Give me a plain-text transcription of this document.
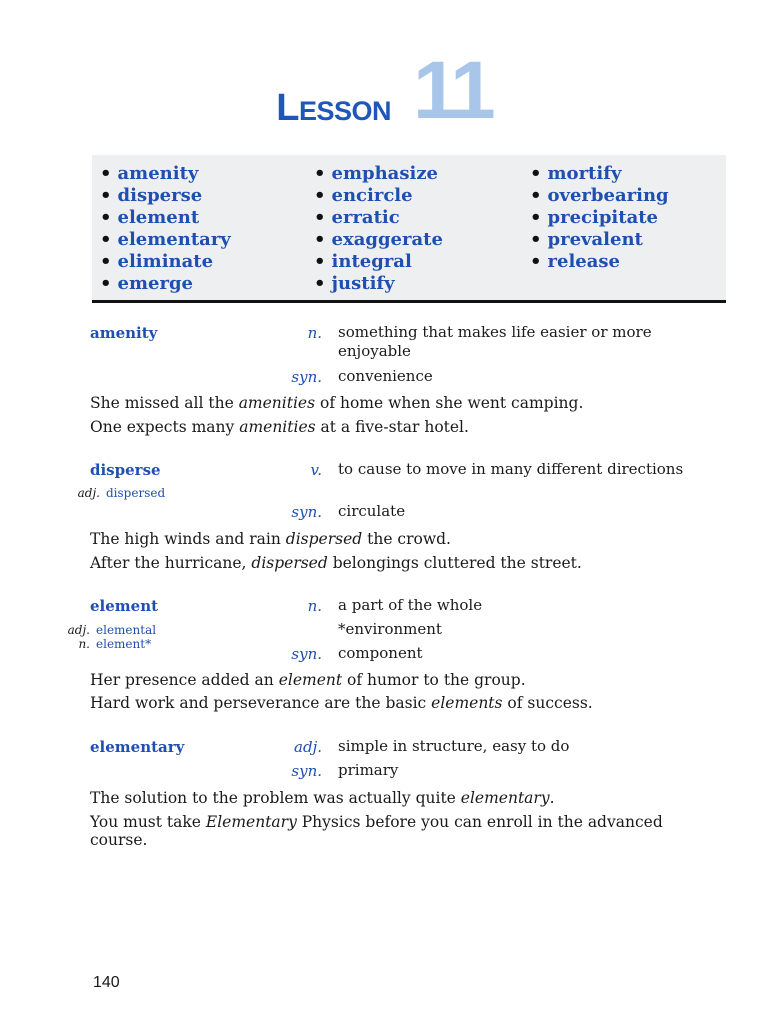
Lesson 11
• amenity
• disperse
• element
• elementary
• eliminate
• emerge
• emphasize
• encircle
• erratic
• exaggerate
• integral
• justify
• mortify
• overbearing
• precipitate
• prevalent
• release
amenity	n. something that makes life easier or more enjoyable
syn. convenience
She missed all the amenities of home when she went camping.
One expects many amenities at a five-star hotel.
disperse
adj. dispersed
v. to cause to move in many different directions
syn. circulate
The high winds and rain dispersed the crowd.
After the hurricane, dispersed belongings cluttered the street.
element
adj. elemental
n. element*
n. a part of the whole
*environment
syn. component
Her presence added an element of humor to the group.
Hard work and perseverance are the basic elements of success.
elementary	adj. simple in structure, easy to do
syn. primary
The solution to the problem was actually quite elementary.
You must take Elementary Physics before you can enroll in the advanced course.
140
